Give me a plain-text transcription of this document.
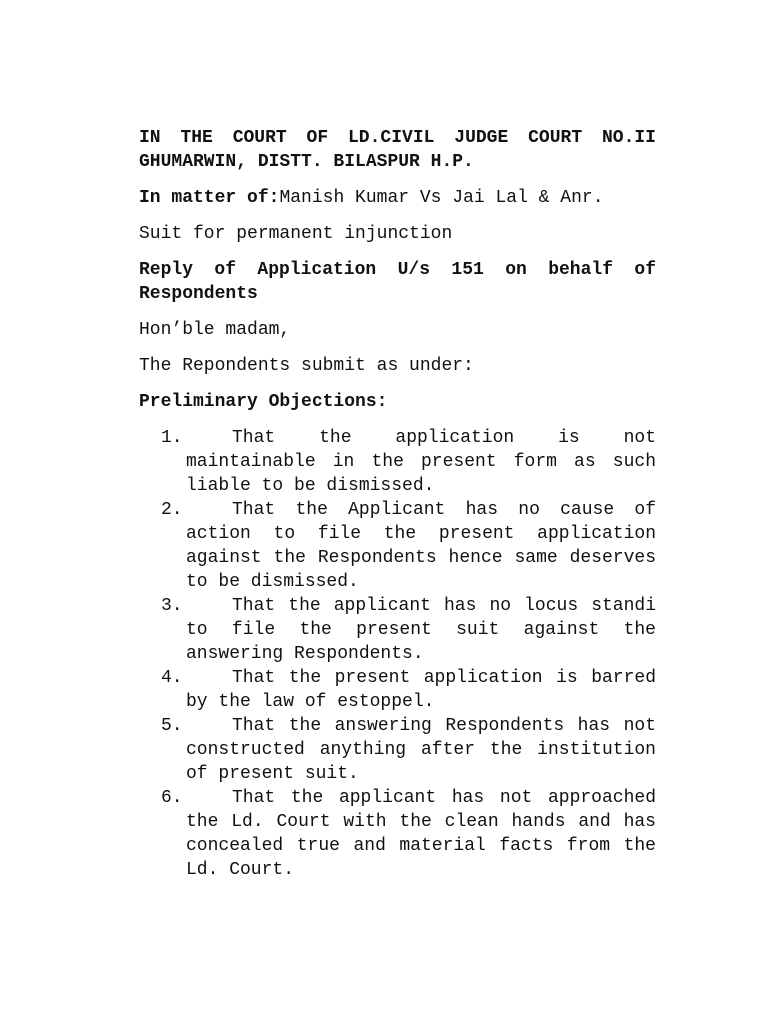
IN THE COURT OF LD.CIVIL JUDGE COURT NO.II GHUMARWIN, DISTT. BILASPUR H.P.

In matter of:Manish Kumar Vs Jai Lal & Anr.

Suit for permanent injunction

Reply of Application U/s 151 on behalf of Respondents

Hon’ble madam,

The Repondents submit as under:

Preliminary Objections:

1.	That the application is not maintainable in the present form as such liable to be dismissed.
2.	That the Applicant has no cause of action to file the present application against the Respondents hence same deserves to be dismissed.
3.	That the applicant has no locus standi to file the present suit against the answering Respondents.
4.	That the present application is barred by the law of estoppel.
5.	That the answering Respondents has not constructed anything after the institution of present suit.
6.	That the applicant has not approached the Ld. Court with the clean hands and has concealed true and material facts from the Ld. Court.
